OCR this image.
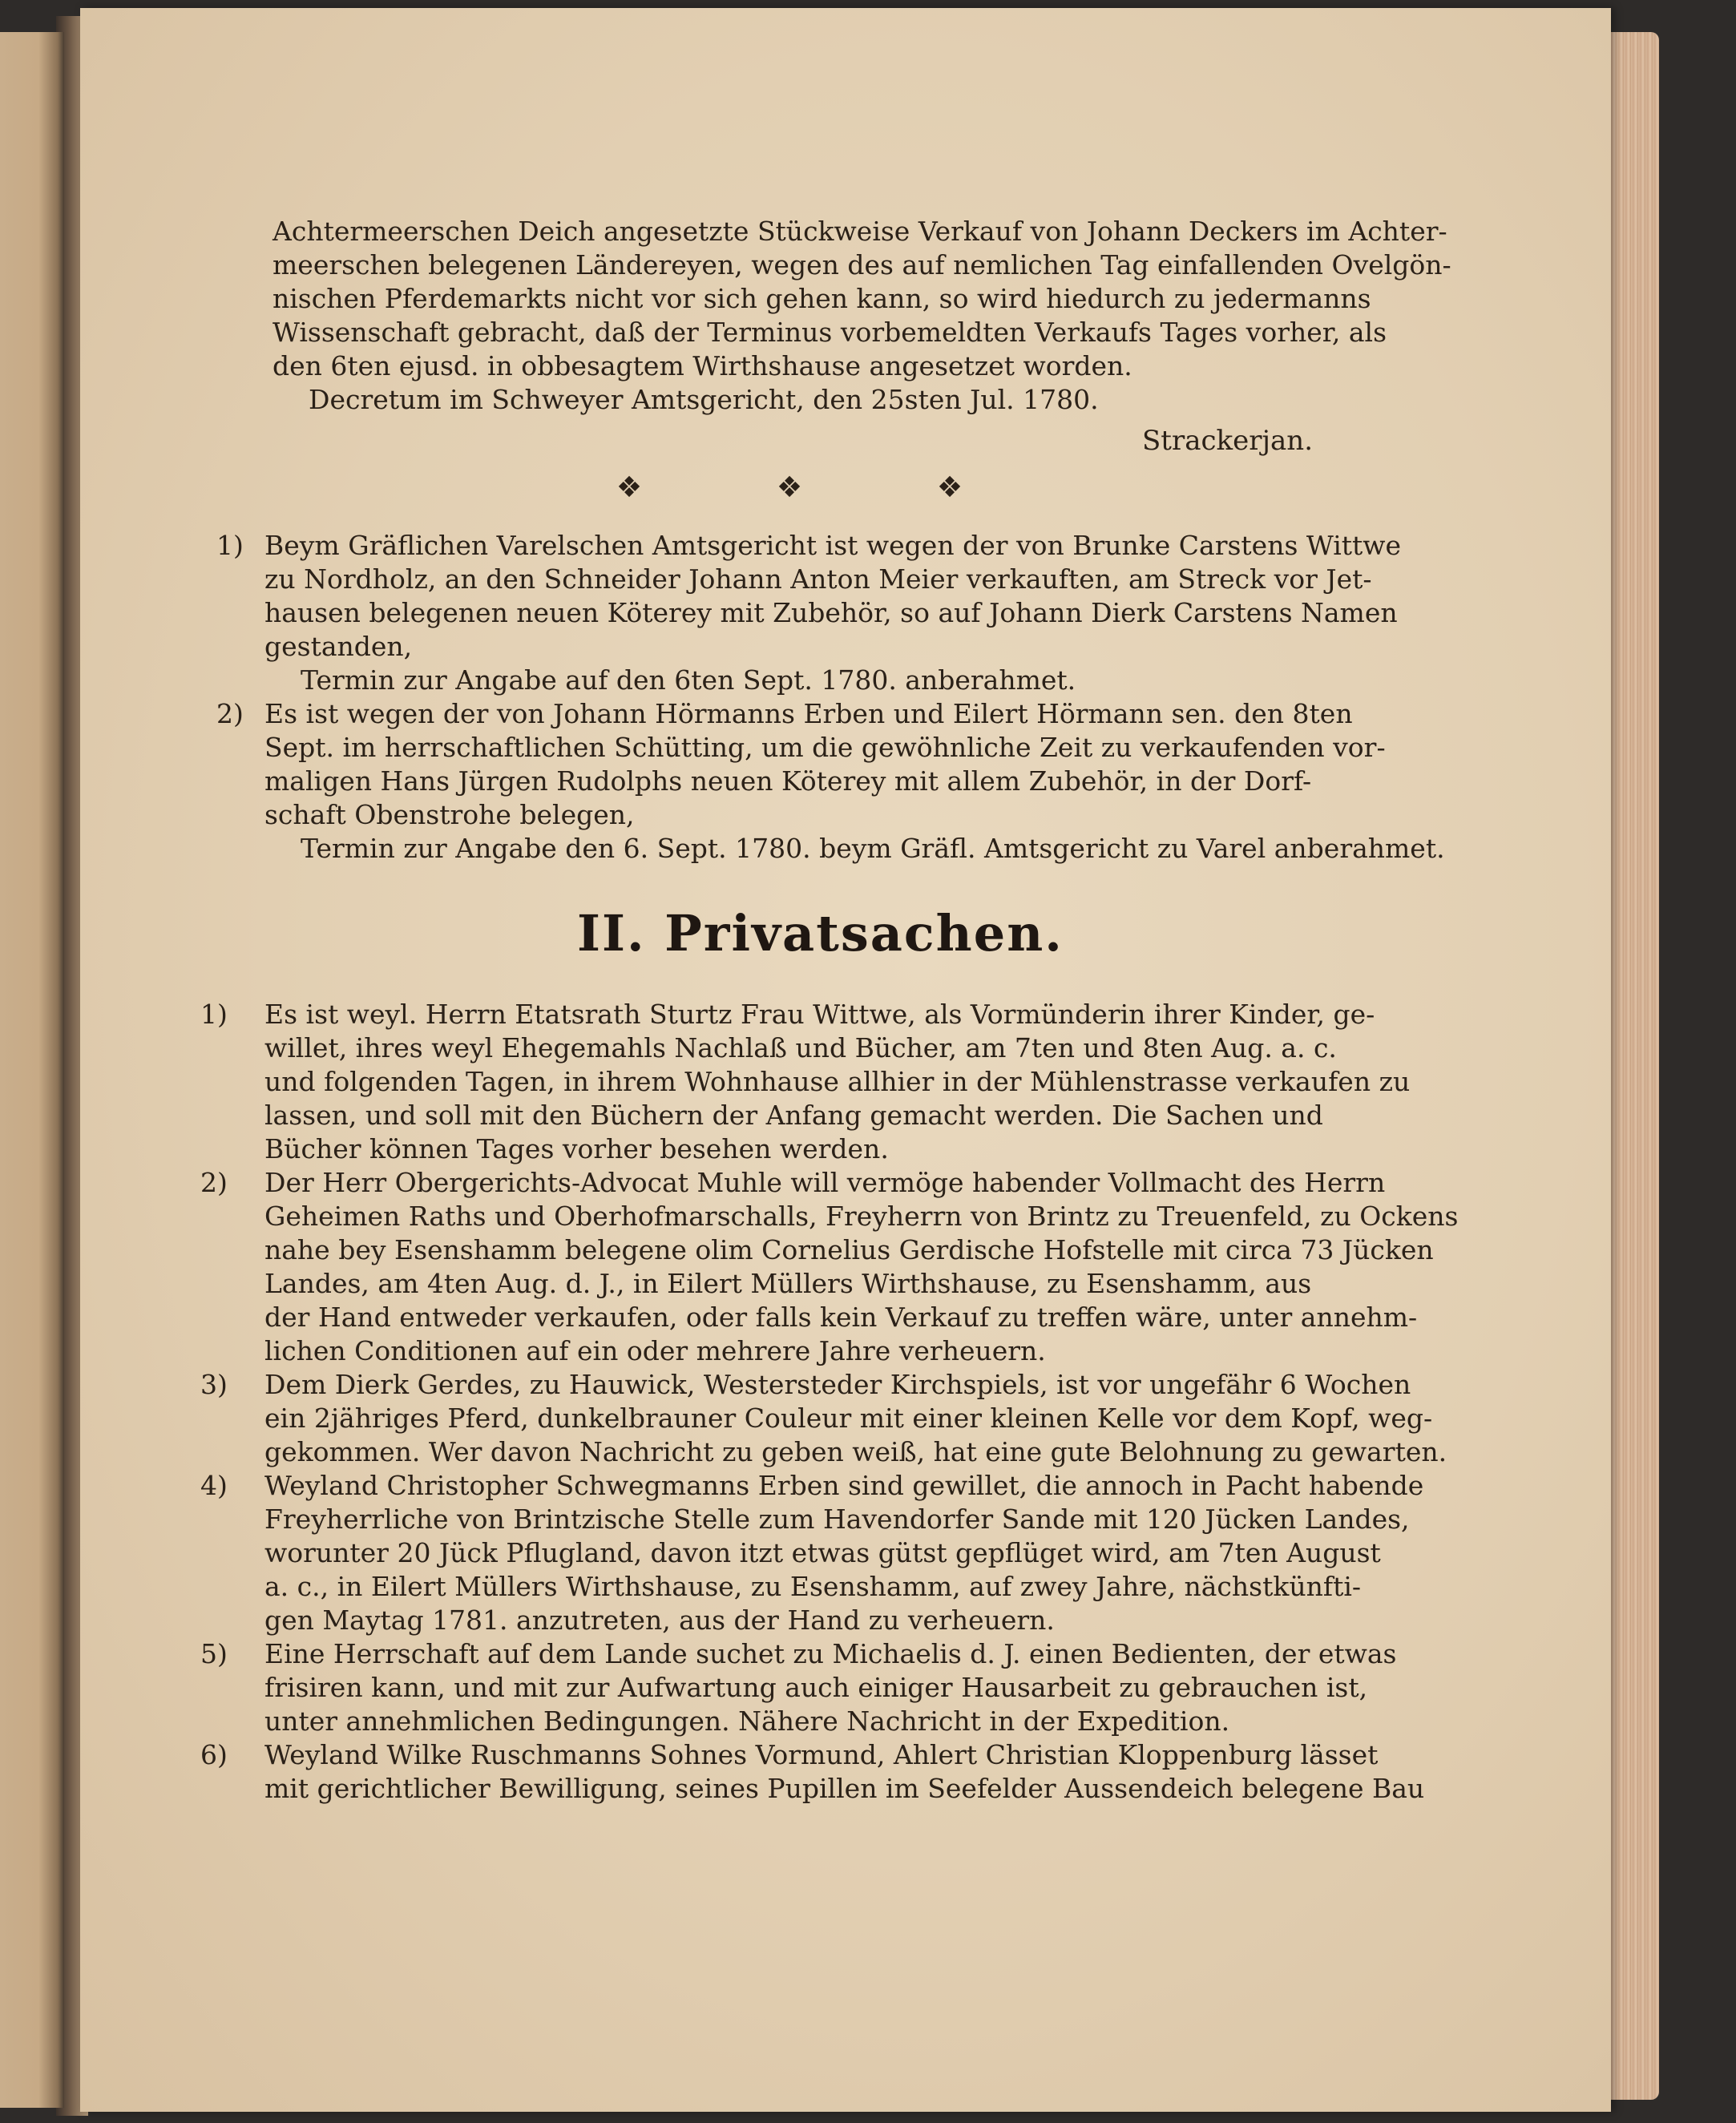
Achtermeerschen Deich angesetzte Stückweise Verkauf von Johann Deckers im Achter-
meerschen belegenen Ländereyen, wegen des auf nemlichen Tag einfallenden Ovelgön-
nischen Pferdemarkts nicht vor sich gehen kann, so wird hiedurch zu jedermanns
Wissenschaft gebracht, daß der Terminus vorbemeldten Verkaufs Tages vorher, als
den 6ten ejusd. in obbesagtem Wirthshause angesetzet worden.
Decretum im Schweyer Amtsgericht, den 25sten Jul. 1780.
Strackerjan.
❖	❖	❖
1) Beym Gräflichen Varelschen Amtsgericht ist wegen der von Brunke Carstens Wittwe
zu Nordholz, an den Schneider Johann Anton Meier verkauften, am Streck vor Jet-
hausen belegenen neuen Köterey mit Zubehör, so auf Johann Dierk Carstens Namen
gestanden,
Termin zur Angabe auf den 6ten Sept. 1780. anberahmet.
2) Es ist wegen der von Johann Hörmanns Erben und Eilert Hörmann sen. den 8ten
Sept. im herrschaftlichen Schütting, um die gewöhnliche Zeit zu verkaufenden vor-
maligen Hans Jürgen Rudolphs neuen Köterey mit allem Zubehör, in der Dorf-
schaft Obenstrohe belegen,
Termin zur Angabe den 6. Sept. 1780. beym Gräfl. Amtsgericht zu Varel anberahmet.
II. Privatsachen.
1) Es ist weyl. Herrn Etatsrath Sturtz Frau Wittwe, als Vormünderin ihrer Kinder, ge-
willet, ihres weyl Ehegemahls Nachlaß und Bücher, am 7ten und 8ten Aug. a. c.
und folgenden Tagen, in ihrem Wohnhause allhier in der Mühlenstrasse verkaufen zu
lassen, und soll mit den Büchern der Anfang gemacht werden. Die Sachen und
Bücher können Tages vorher besehen werden.
2) Der Herr Obergerichts-Advocat Muhle will vermöge habender Vollmacht des Herrn
Geheimen Raths und Oberhofmarschalls, Freyherrn von Brintz zu Treuenfeld, zu Ockens
nahe bey Esenshamm belegene olim Cornelius Gerdische Hofstelle mit circa 73 Jücken
Landes, am 4ten Aug. d. J., in Eilert Müllers Wirthshause, zu Esenshamm, aus
der Hand entweder verkaufen, oder falls kein Verkauf zu treffen wäre, unter annehm-
lichen Conditionen auf ein oder mehrere Jahre verheuern.
3) Dem Dierk Gerdes, zu Hauwick, Westersteder Kirchspiels, ist vor ungefähr 6 Wochen
ein 2jähriges Pferd, dunkelbrauner Couleur mit einer kleinen Kelle vor dem Kopf, weg-
gekommen. Wer davon Nachricht zu geben weiß, hat eine gute Belohnung zu gewarten.
4) Weyland Christopher Schwegmanns Erben sind gewillet, die annoch in Pacht habende
Freyherrliche von Brintzische Stelle zum Havendorfer Sande mit 120 Jücken Landes,
worunter 20 Jück Pflugland, davon itzt etwas gütst gepflüget wird, am 7ten August
a. c., in Eilert Müllers Wirthshause, zu Esenshamm, auf zwey Jahre, nächstkünfti-
gen Maytag 1781. anzutreten, aus der Hand zu verheuern.
5) Eine Herrschaft auf dem Lande suchet zu Michaelis d. J. einen Bedienten, der etwas
frisiren kann, und mit zur Aufwartung auch einiger Hausarbeit zu gebrauchen ist,
unter annehmlichen Bedingungen. Nähere Nachricht in der Expedition.
6) Weyland Wilke Ruschmanns Sohnes Vormund, Ahlert Christian Kloppenburg lässet
mit gerichtlicher Bewilligung, seines Pupillen im Seefelder Aussendeich belegene Bau
